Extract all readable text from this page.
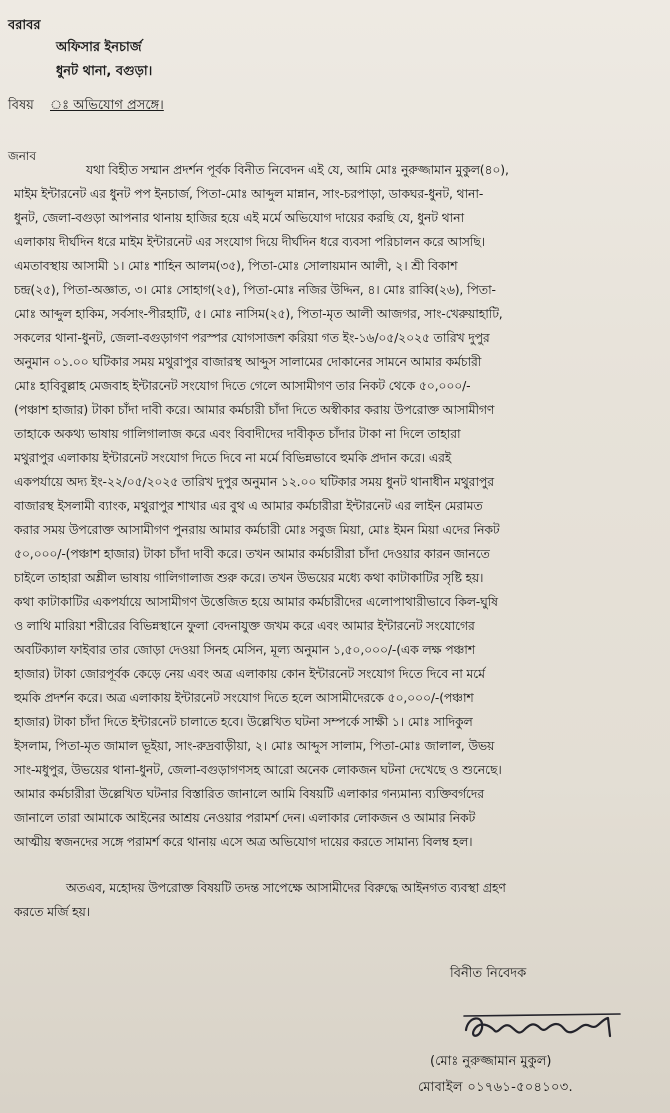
বরাবর
অফিসার ইনচার্জ
ধুনট থানা, বগুড়া।
বিষয় ঃ অভিযোগ প্রসঙ্গে।
জনাব
যথা বিহীত সম্মান প্রদর্শন পূর্বক বিনীত নিবেদন এই যে, আমি মোঃ নুরুজ্জামান মুকুল(৪০),
মাইম ইন্টারনেট এর ধুনট পপ ইনচার্জ, পিতা-মোঃ আব্দুল মান্নান, সাং-চরপাড়া, ডাকঘর-ধুনট, থানা-
ধুনট, জেলা-বগুড়া আপনার থানায় হাজির হয়ে এই মর্মে অভিযোগ দায়ের করছি যে, ধুনট থানা
এলাকায় দীর্ঘদিন ধরে মাইম ইন্টারনেট এর সংযোগ দিয়ে দীর্ঘদিন ধরে ব্যবসা পরিচালন করে আসছি।
এমতাবস্থায় আসামী ১। মোঃ শাহিন আলম(৩৫), পিতা-মোঃ সোলায়মান আলী, ২। শ্রী বিকাশ
চন্দ্র(২৫), পিতা-অজ্ঞাত, ৩। মোঃ সোহাগ(২৫), পিতা-মোঃ নজির উদ্দিন, ৪। মোঃ রাব্বি(২৬), পিতা-
মোঃ আব্দুল হাকিম, সর্বসাং-পীরহাটি, ৫। মোঃ নাসিম(২৫), পিতা-মৃত আলী আজগর, সাং-খেরুয়াহাটি,
সকলের থানা-ধুনট, জেলা-বগুড়াগণ পরস্পর যোগসাজশ করিয়া গত ইং-১৬/০৫/২০২৫ তারিখ দুপুর
অনুমান ০১.০০ ঘটিকার সময় মথুরাপুর বাজারস্থ আব্দুস সালামের দোকানের সামনে আমার কর্মচারী
মোঃ হাবিবুল্লাহ মেজবাহ ইন্টারনেট সংযোগ দিতে গেলে আসামীগণ তার নিকট থেকে ৫০,০০০/-
(পঞ্চাশ হাজার) টাকা চাঁদা দাবী করে। আমার কর্মচারী চাঁদা দিতে অস্বীকার করায় উপরোক্ত আসামীগণ
তাহাকে অকথ্য ভাষায় গালিগালাজ করে এবং বিবাদীদের দাবীকৃত চাঁদার টাকা না দিলে তাহারা
মথুরাপুর এলাকায় ইন্টারনেট সংযোগ দিতে দিবে না মর্মে বিভিন্নভাবে হুমকি প্রদান করে। এরই
একপর্যায়ে অদ্য ইং-২২/০৫/২০২৫ তারিখ দুপুর অনুমান ১২.০০ ঘটিকার সময় ধুনট থানাধীন মথুরাপুর
বাজারস্থ ইসলামী ব্যাংক, মথুরাপুর শাখার এর বুথ এ আমার কর্মচারীরা ইন্টারনেট এর লাইন মেরামত
করার সময় উপরোক্ত আসামীগণ পুনরায় আমার কর্মচারী মোঃ সবুজ মিয়া, মোঃ ইমন মিয়া এদের নিকট
৫০,০০০/-(পঞ্চাশ হাজার) টাকা চাঁদা দাবী করে। তখন আমার কর্মচারীরা চাঁদা দেওয়ার কারন জানতে
চাইলে তাহারা অশ্লীল ভাষায় গালিগালাজ শুরু করে। তখন উভয়ের মধ্যে কথা কাটাকাটির সৃষ্টি হয়।
কথা কাটাকাটির একপর্যায়ে আসামীগণ উত্তেজিত হয়ে আমার কর্মচারীদের এলোপাথারীভাবে কিল-ঘুষি
ও লাথি মারিয়া শরীরের বিভিন্নস্থানে ফুলা বেদনাযুক্ত জখম করে এবং আমার ইন্টারনেট সংযোগের
অবটিক্যাল ফাইবার তার জোড়া দেওয়া সিনহ মেসিন, মূল্য অনুমান ১,৫০,০০০/-(এক লক্ষ পঞ্চাশ
হাজার) টাকা জোরপূর্বক কেড়ে নেয় এবং অত্র এলাকায় কোন ইন্টারনেট সংযোগ দিতে দিবে না মর্মে
হুমকি প্রদর্শন করে। অত্র এলাকায় ইন্টারনেট সংযোগ দিতে হলে আসামীদেরকে ৫০,০০০/-(পঞ্চাশ
হাজার) টাকা চাঁদা দিতে ইন্টারনেট চালাতে হবে। উল্লেখিত ঘটনা সম্পর্কে সাক্ষী ১। মোঃ সাদিকুল
ইসলাম, পিতা-মৃত জামাল ভূইয়া, সাং-রুদ্রবাড়ীয়া, ২। মোঃ আব্দুস সালাম, পিতা-মোঃ জালাল, উভয়
সাং-মধুপুর, উভয়ের থানা-ধুনট, জেলা-বগুড়াগণসহ আরো অনেক লোকজন ঘটনা দেখেছে ও শুনেছে।
আমার কর্মচারীরা উল্লেখিত ঘটনার বিস্তারিত জানালে আমি বিষয়টি এলাকার গন্যমান্য ব্যক্তিবর্গদের
জানালে তারা আমাকে আইনের আশ্রয় নেওয়ার পরামর্শ দেন। এলাকার লোকজন ও আমার নিকট
আত্মীয় স্বজনদের সঙ্গে পরামর্শ করে থানায় এসে অত্র অভিযোগ দায়ের করতে সামান্য বিলম্ব হল।
অতএব, মহোদয় উপরোক্ত বিষয়টি তদন্ত সাপেক্ষে আসামীদের বিরুদ্ধে আইনগত ব্যবস্থা গ্রহণ
করতে মর্জি হয়।
বিনীত নিবেদক
(মোঃ নুরুজ্জামান মুকুল)
মোবাইল ০১৭৬১-৫০৪১০৩.
